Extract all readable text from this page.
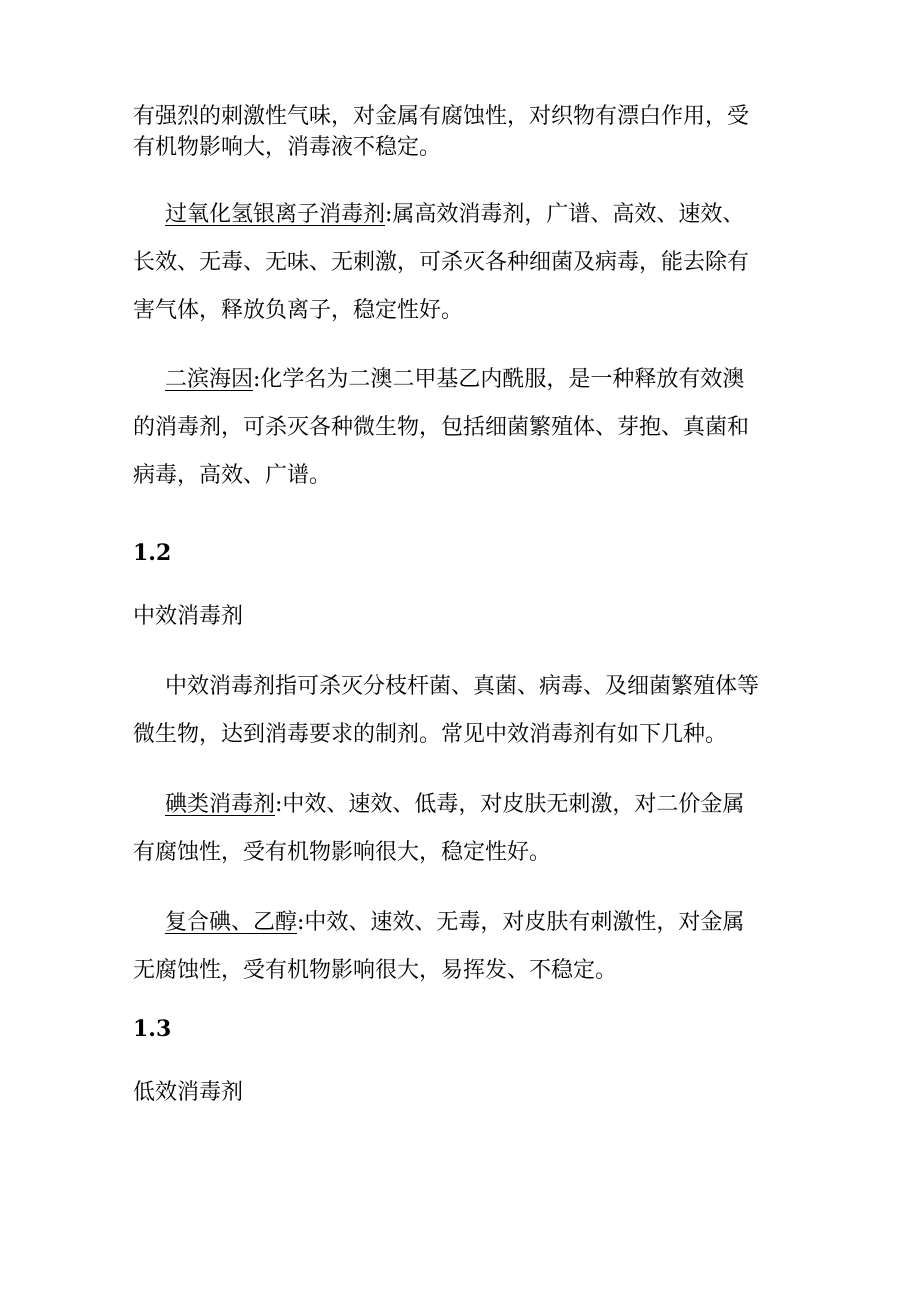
有强烈的刺激性气味，对金属有腐蚀性，对织物有漂白作用，受
有机物影响大，消毒液不稳定。
过氧化氢银离子消毒剂:属高效消毒剂，广谱、高效、速效、
长效、无毒、无味、无刺激，可杀灭各种细菌及病毒，能去除有
害气体，释放负离子，稳定性好。
二滨海因:化学名为二澳二甲基乙内酰服，是一种释放有效澳
的消毒剂，可杀灭各种微生物，包括细菌繁殖体、芽抱、真菌和
病毒，高效、广谱。
1.2
中效消毒剂
中效消毒剂指可杀灭分枝杆菌、真菌、病毒、及细菌繁殖体等
微生物，达到消毒要求的制剂。常见中效消毒剂有如下几种。
碘类消毒剂:中效、速效、低毒，对皮肤无刺激，对二价金属
有腐蚀性，受有机物影响很大，稳定性好。
复合碘、乙醇:中效、速效、无毒，对皮肤有刺激性，对金属
无腐蚀性，受有机物影响很大，易挥发、不稳定。
1.3
低效消毒剂
